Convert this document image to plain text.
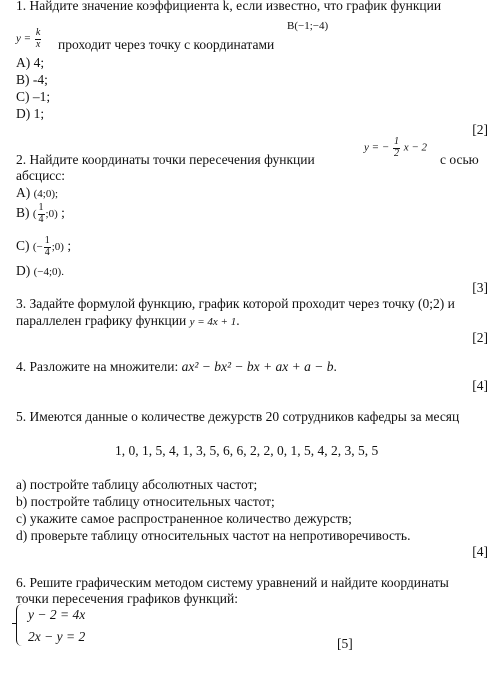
1. Найдите значение коэффициента k, если известно, что график функции
B(−1;−4)
$y = \frac{k}{x}$ проходит через точку с координатами
A) 4;
B) -4;
C) –1;
D) 1;
[2]
2. Найдите координаты точки пересечения функции
y = − $\frac{1}{2}$ x − 2
с осью
абсцисс:
A) (4;0);
B) ( $\frac{1}{4}$ ;0) ;
C) (− $\frac{1}{4}$ ;0) ;
D) (−4;0).
[3]
3. Задайте формулой функцию, график которой проходит через точку (0;2) и
параллелен графику функции y = 4x + 1.
[2]
4. Разложите на множители: ax² − bx² − bx + ax + a − b.
[4]
5. Имеются данные о количестве дежурств 20 сотрудников кафедры за месяц
1, 0, 1, 5, 4, 1, 3, 5, 6, 6, 2, 2, 0, 1, 5, 4, 2, 3, 5, 5
a) постройте таблицу абсолютных частот;
b) постройте таблицу относительных частот;
c) укажите самое распространенное количество дежурств;
d) проверьте таблицу относительных частот на непротиворечивость.
[4]
6. Решите графическим методом систему уравнений и найдите координаты
точки пересечения графиков функций:
y − 2 = 4x
2x − y = 2	[5]
